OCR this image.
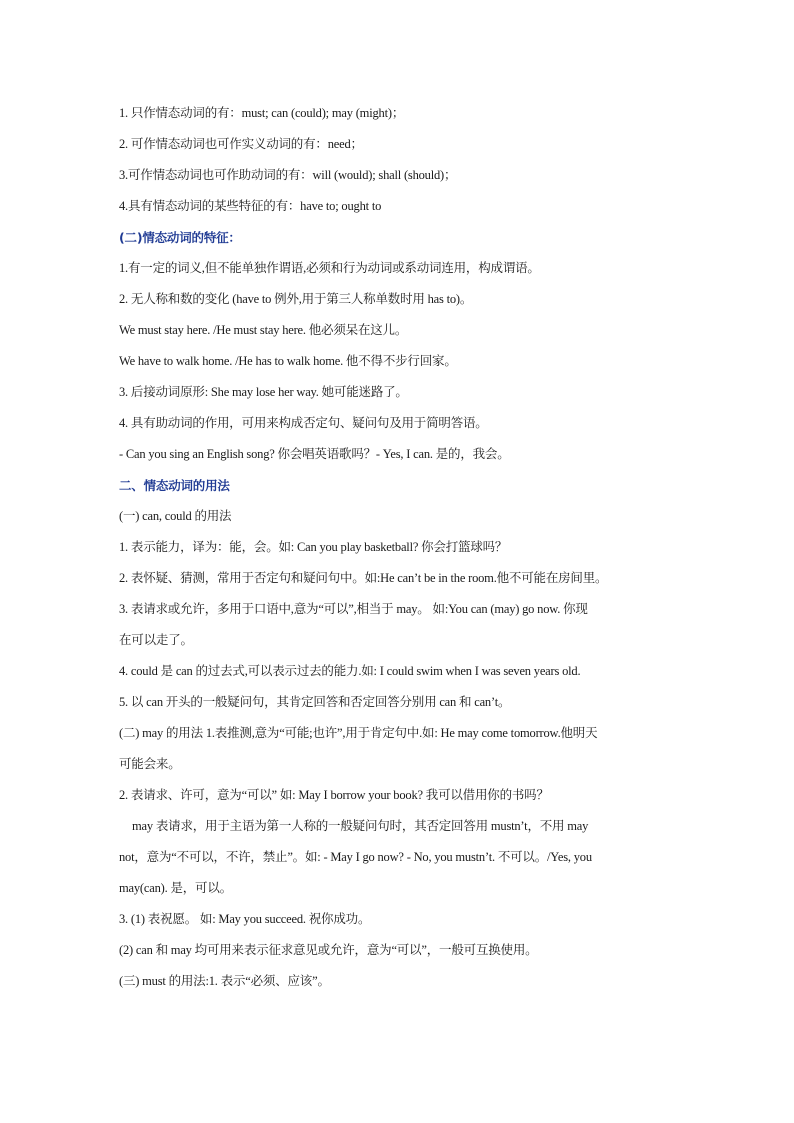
1. 只作情态动词的有：must; can (could); may (might)；
2. 可作情态动词也可作实义动词的有：need；
3.可作情态动词也可作助动词的有：will (would); shall (should)；
4.具有情态动词的某些特征的有：have to; ought to
(二)情态动词的特征：
1.有一定的词义,但不能单独作谓语,必须和行为动词或系动词连用，构成谓语。
2. 无人称和数的变化 (have to 例外,用于第三人称单数时用 has to)。
We must stay here. /He must stay here. 他必须呆在这儿。
We have to walk home. /He has to walk home. 他不得不步行回家。
3. 后接动词原形: She may lose her way. 她可能迷路了。
4. 具有助动词的作用，可用来构成否定句、疑问句及用于简明答语。
- Can you sing an English song? 你会唱英语歌吗？- Yes, I can. 是的，我会。
二、情态动词的用法
(一) can, could 的用法
1. 表示能力，译为：能，会。如: Can you play basketball? 你会打篮球吗？
2. 表怀疑、猜测，常用于否定句和疑问句中。如:He can’t be in the room.他不可能在房间里。
3. 表请求或允许，多用于口语中,意为“可以”,相当于 may。 如:You can (may) go now. 你现
在可以走了。
4. could 是 can 的过去式,可以表示过去的能力.如: I could swim when I was seven years old.
5. 以 can 开头的一般疑问句，其肯定回答和否定回答分别用 can 和 can’t。
(二) may 的用法 1.表推测,意为“可能;也许”,用于肯定句中.如: He may come tomorrow.他明天
可能会来。
2. 表请求、许可，意为“可以” 如: May I borrow your book? 我可以借用你的书吗？
may 表请求，用于主语为第一人称的一般疑问句时，其否定回答用 mustn’t，不用 may
not，意为“不可以，不许，禁止”。如: - May I go now? - No, you mustn’t. 不可以。/Yes, you
may(can). 是，可以。
3. (1) 表祝愿。 如: May you succeed. 祝你成功。
(2) can 和 may 均可用来表示征求意见或允许，意为“可以”，一般可互换使用。
(三) must 的用法:1. 表示“必须、应该”。
